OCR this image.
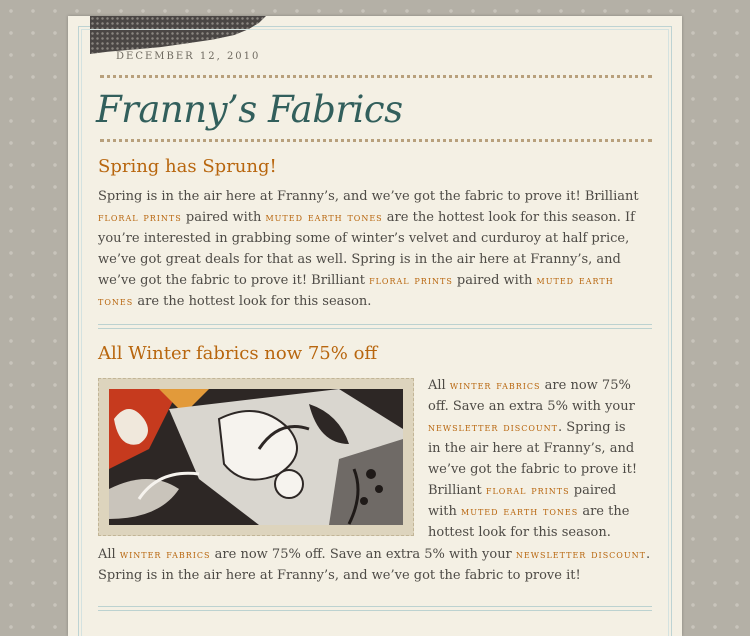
DECEMBER 12, 2010
Franny’s Fabrics
Spring has Sprung!

Spring is in the air here at Franny’s, and we’ve got the fabric to prove it! Brilliant floral prints paired with muted earth tones are the hottest look for this season. If you’re interested in grabbing some of winter’s velvet and curduroy at half price, we’ve got great deals for that as well. Spring is in the air here at Franny’s, and we’ve got the fabric to prove it! Brilliant floral prints paired with muted earth tones are the hottest look for this season.

All Winter fabrics now 75% off

All winter fabrics are now 75% off. Save an extra 5% with your newsletter discount. Spring is in the air here at Franny’s, and we’ve got the fabric to prove it! Brilliant floral prints paired with muted earth tones are the hottest look for this season.

All winter fabrics are now 75% off. Save an extra 5% with your newsletter discount. Spring is in the air here at Franny’s, and we’ve got the fabric to prove it!
